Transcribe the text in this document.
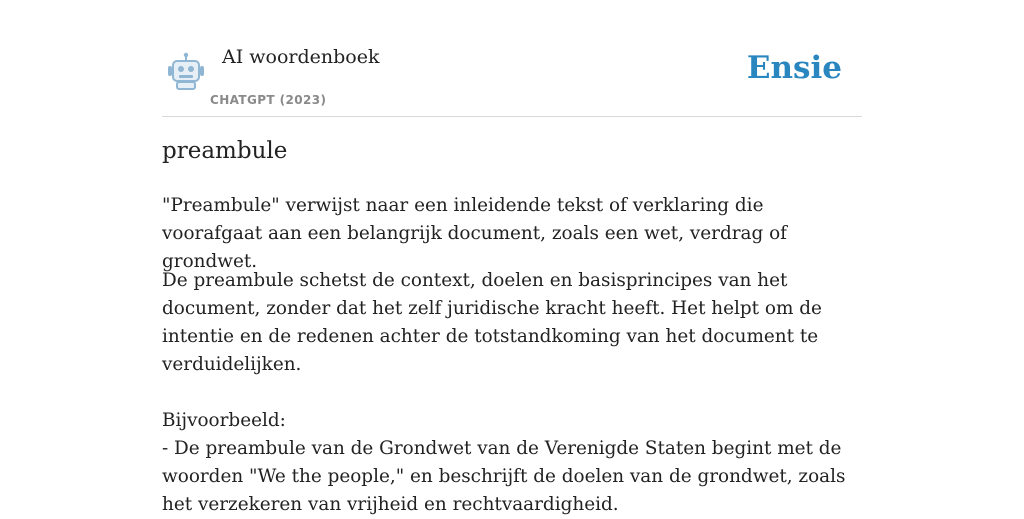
AI woordenboek
CHATGPT (2023)
Ensie
preambule
"Preambule" verwijst naar een inleidende tekst of verklaring die voorafgaat aan een belangrijk document, zoals een wet, verdrag of grondwet.
De preambule schetst de context, doelen en basisprincipes van het document, zonder dat het zelf juridische kracht heeft. Het helpt om de intentie en de redenen achter de totstandkoming van het document te verduidelijken.

Bijvoorbeeld:
- De preambule van de Grondwet van de Verenigde Staten begint met de woorden "We the people," en beschrijft de doelen van de grondwet, zoals het verzekeren van vrijheid en rechtvaardigheid.
